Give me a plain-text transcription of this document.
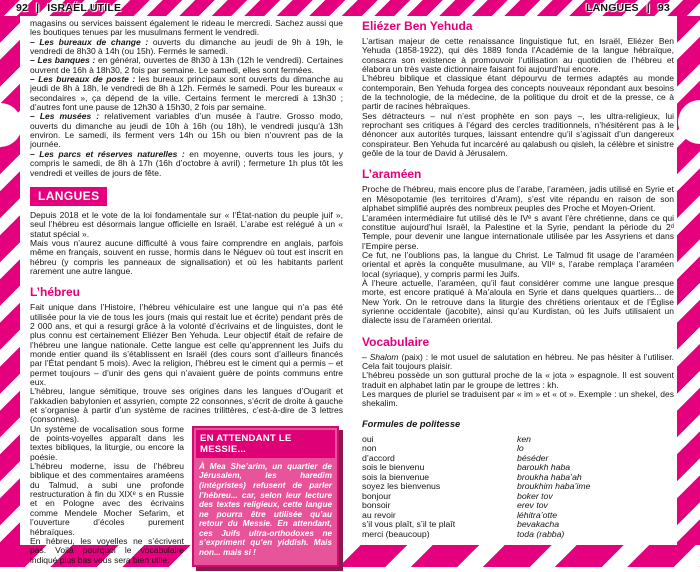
92 | ISRAËL UTILE	LANGUES | 93

magasins ou services baissent également le rideau le mercredi. Sachez aussi que les boutiques tenues par les musulmans ferment le vendredi.

– Les bureaux de change : ouverts du dimanche au jeudi de 9h à 19h, le vendredi de 8h30 à 14h (ou 15h). Fermés le samedi.

– Les banques : en général, ouvertes de 8h30 à 13h (12h le vendredi). Certaines ouvrent de 16h à 18h30, 2 fois par semaine. Le samedi, elles sont fermées.

– Les bureaux de poste : les bureaux principaux sont ouverts du dimanche au jeudi de 8h à 18h, le vendredi de 8h à 12h. Fermés le samedi. Pour les bureaux « secondaires », ça dépend de la ville. Certains ferment le mercredi à 13h30 ; d’autres font une pause de 12h30 à 15h30, 2 fois par semaine.

– Les musées : relativement variables d’un musée à l’autre. Grosso modo, ouverts du dimanche au jeudi de 10h à 16h (ou 18h), le vendredi jusqu’à 13h environ. Le samedi, ils ferment vers 14h ou 15h ou bien n’ouvrent pas de la journée.

– Les parcs et réserves naturelles : en moyenne, ouverts tous les jours, y compris le samedi, de 8h à 17h (16h d’octobre à avril) ; fermeture 1h plus tôt les vendredi et veilles de jours de fête.

LANGUES

Depuis 2018 et le vote de la loi fondamentale sur « l’État-nation du peuple juif », seul l’hébreu est désormais langue officielle en Israël. L’arabe est relégué à un « statut spécial ».

Mais vous n’aurez aucune difficulté à vous faire comprendre en anglais, parfois même en français, souvent en russe, hormis dans le Néguev où tout est inscrit en hébreu (y compris les panneaux de signalisation) et où les habitants parlent rarement une autre langue.

L’hébreu

Fait unique dans l’Histoire, l’hébreu véhiculaire est une langue qui n’a pas été utilisée pour la vie de tous les jours (mais qui restait lue et écrite) pendant près de 2 000 ans, et qui a resurgi grâce à la volonté d’écrivains et de linguistes, dont le plus connu est certainement Eliézer Ben Yehuda. Leur objectif était de refaire de l’hébreu une langue nationale. Cette langue est celle qu’apprennent les Juifs du monde entier quand ils s’établissent en Israël (des cours sont d’ailleurs financés par l’État pendant 5 mois). Avec la religion, l’hébreu est le ciment qui a permis – et permet toujours – d’unir des gens qui n’avaient guère de points communs entre eux.

L’hébreu, langue sémitique, trouve ses origines dans les langues d’Ougarit et l’akkadien babylonien et assyrien, compte 22 consonnes, s’écrit de droite à gauche et s’organise à partir d’un système de racines trilittères, c’est-à-dire de 3 lettres (consonnes).

EN ATTENDANT LE MESSIE...

À Mea She’arim, un quartier de Jérusalem, les haredim (intégristes) refusent de parler l’hébreu... car, selon leur lecture des textes religieux, cette langue ne pourra être utilisée qu’au retour du Messie. En attendant, ces Juifs ultra-orthodoxes ne s’expriment qu’en yiddish. Mais non... mais si !

Un système de vocalisation sous forme de points-voyelles apparaît dans les textes bibliques, la liturgie, ou encore la poésie.

L’hébreu moderne, issu de l’hébreu biblique et des commentaires araméens du Talmud, a subi une profonde restructuration à fin du XIXᵉ s en Russie et en Pologne avec des écrivains comme Mendele Mocher Sefarim, et l’ouverture d’écoles purement hébraïques.

En hébreu, les voyelles ne s’écrivent pas. Voilà pourquoi le vocabulaire indiqué plus bas vous sera bien utile.

Eliézer Ben Yehuda

L’artisan majeur de cette renaissance linguistique fut, en Israël, Eliézer Ben Yehuda (1858-1922), qui dès 1889 fonda l’Académie de la langue hébraïque, consacra son existence à promouvoir l’utilisation au quotidien de l’hébreu et élabora un très vaste dictionnaire faisant foi aujourd’hui encore.

L’hébreu biblique et classique étant dépourvu de termes adaptés au monde contemporain, Ben Yehuda forgea des concepts nouveaux répondant aux besoins de la technologie, de la médecine, de la politique du droit et de la presse, ce à partir de racines hébraïques.

Ses détracteurs – nul n’est prophète en son pays –, les ultra-religieux, lui reprochant ses critiques à l’égard des cercles traditionnels, n’hésitèrent pas à le dénoncer aux autorités turques, laissant entendre qu’il s’agissait d’un dangereux conspirateur. Ben Yehuda fut incarcéré au qalabush ou qisleh, la célèbre et sinistre geôle de la tour de David à Jérusalem.

L’araméen

Proche de l’hébreu, mais encore plus de l’arabe, l’araméen, jadis utilisé en Syrie et en Mésopotamie (les territoires d’Aram), s’est vite répandu en raison de son alphabet simplifié auprès des nombreux peuples des Proche et Moyen-Orient.

L’araméen intermédiaire fut utilisé dès le IVᵉ s avant l’ère chrétienne, dans ce qui constitue aujourd’hui Israël, la Palestine et la Syrie, pendant la période du 2ᵈ Temple, pour devenir une langue internationale utilisée par les Assyriens et dans l’Empire perse.

Ce fut, ne l’oublions pas, la langue du Christ. Le Talmud fit usage de l’araméen oriental et après la conquête musulmane, au VIIᵉ s, l’arabe remplaça l’araméen local (syriaque), y compris parmi les Juifs.

À l’heure actuelle, l’araméen, qu’il faut considérer comme une langue presque morte, est encore pratiqué à Ma’aloula en Syrie et dans quelques quartiers... de New York. On le retrouve dans la liturgie des chrétiens orientaux et de l’Église syrienne occidentale (jacobite), ainsi qu’au Kurdistan, où les Juifs utilisaient un dialecte issu de l’araméen oriental.

Vocabulaire

– Shalom (paix) : le mot usuel de salutation en hébreu. Ne pas hésiter à l’utiliser. Cela fait toujours plaisir.

L’hébreu possède un son guttural proche de la « jota » espagnole. Il est souvent traduit en alphabet latin par le groupe de lettres : kh.

Les marques de pluriel se traduisent par « im » et « ot ». Exemple : un shekel, des shekalim.

Formules de politesse
oui	ken
non	lo
d’accord	béséder
sois le bienvenu	baroukh haba
sois la bienvenue	broukha haba’ah
soyez les bienvenus	broukhim haba’ime
bonjour	boker tov
bonsoir	erev tov
au revoir	léhitra’otte
s’il vous plaît, s’il te plaît	bevakacha
merci (beaucoup)	toda (rabba)
